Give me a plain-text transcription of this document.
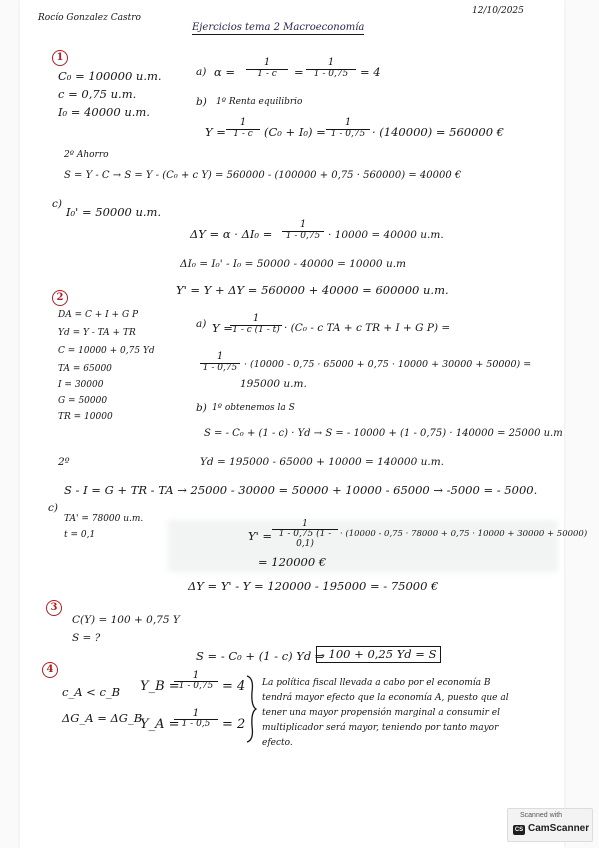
Rocío Gonzalez Castro
12/10/2025
Ejercicios tema 2 Macroeconomía
1
C₀ = 100000 u.m.
c = 0,75 u.m.
I₀ = 40000 u.m.
a) $\alpha = \frac{1}{1 - c} = \frac{1}{1 - 0,75} = 4$
b) 1º Renta equilibrio
$Y = \frac{1}{1 - c} (C_0 + I_0) = \frac{1}{1 - 0,75} \cdot (140000) = 560000$ €
2º Ahorro
S = Y - C → S = Y - (C₀ + c Y) = 560000 - (100000 + 0,75 · 560000) = 40000 €
c)
I₀' = 50000 u.m.
$\Delta Y = \alpha \cdot \Delta I_0 = \frac{1}{1 - 0,75} \cdot 10000 = 40000$ u.m.
ΔI₀ = I₀' - I₀ = 50000 - 40000 = 10000 u.m
Y' = Y + ΔY = 560000 + 40000 = 600000 u.m.
2
DA = C + I + G P
Yd = Y - TA + TR
C = 10000 + 0,75 Yd
TA = 65000
I = 30000
G = 50000
TR = 10000
a) Y =
$\frac{1}{1 - c (1 - t)} \cdot (C_0 - c$ TA + c TR + I + G P) =
$\frac{1}{1 - 0,75} \cdot (10000 - 0,75 \cdot 65000 + 0,75 \cdot 10000 + 30000 + 50000)$ =
195000 u.m.
b) 1º obtenemos la S
S = - C₀ + (1 - c) · Yd → S = - 10000 + (1 - 0,75) · 140000 = 25000 u.m
2º	Yd = 195000 - 65000 + 10000 = 140000 u.m.
S - I = G + TR - TA → 25000 - 30000 = 50000 + 10000 - 65000 → -5000 = - 5000.
c)
TA' = 78000 u.m.
t = 0,1	$Y' = \frac{1}{1 - 0,75 (1 - 0,1)} \cdot (10000 - 0,75 \cdot 78000 + 0,75 \cdot 10000 + 30000 + 50000)$
= 120000 €
ΔY = Y' - Y = 120000 - 195000 = - 75000 €
3
C(Y) = 100 + 0,75 Y
S = ?
S = - C₀ + (1 - c) Yd ⇒
- 100 + 0,25 Yd = S
4
c_A < c_B
ΔG_A = ΔG_B
Y_B =
$\frac{1}{1 - 0,75} = 4$
Y_A =
$\frac{1}{1 - 0,5} = 2$
La política fiscal llevada a cabo por el economía B
tendrá mayor efecto que la economía A, puesto que al
tener una mayor propensión marginal a consumir el
multiplicador será mayor, teniendo por tanto mayor
efecto.
Scanned with
CS CamScanner
